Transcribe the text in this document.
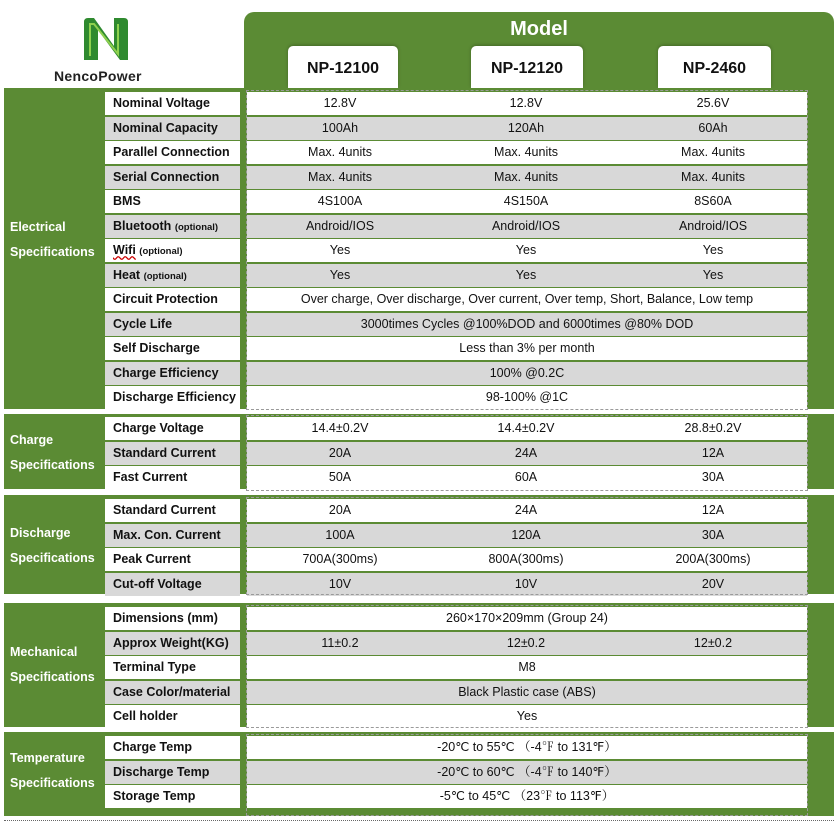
NencoPower
Model
NP-12100	NP-12120	NP-2460
Electrical
Specifications
Charge
Specifications
Discharge
Specifications
Mechanical
Specifications
Temperature
Specifications
Nominal Voltage	12.8V	12.8V	25.6V
Nominal Capacity	100Ah	120Ah	60Ah
Parallel Connection	Max. 4units	Max. 4units	Max. 4units
Serial Connection	Max. 4units	Max. 4units	Max. 4units
BMS	4S100A	4S150A	8S60A
Bluetooth (optional)	Android/IOS	Android/IOS	Android/IOS
Wifi (optional)	Yes	Yes	Yes
Heat (optional)	Yes	Yes	Yes
Circuit Protection	Over charge, Over discharge, Over current, Over temp, Short, Balance, Low temp
Cycle Life	3000times Cycles @100%DOD and 6000times @80% DOD
Self Discharge	Less than 3% per month
Charge Efficiency	100% @0.2C
Discharge Efficiency	98-100% @1C
Charge Voltage	14.4±0.2V	14.4±0.2V	28.8±0.2V
Standard Current	20A	24A	12A
Fast Current	50A	60A	30A
Standard Current	20A	24A	12A
Max. Con. Current	100A	120A	30A
Peak Current	700A(300ms)	800A(300ms)	200A(300ms)
Cut-off Voltage	10V	10V	20V
Dimensions (mm)	260×170×209mm (Group 24)
Approx Weight(KG)	11±0.2	12±0.2	12±0.2
Terminal Type	M8
Case Color/material	Black Plastic case (ABS)
Cell holder	Yes
Charge Temp	-20℃ to 55℃ （-4℉ to 131℉）
Discharge Temp	-20℃ to 60℃ （-4℉ to 140℉）
Storage Temp	-5℃ to 45℃ （23℉ to 113℉）
